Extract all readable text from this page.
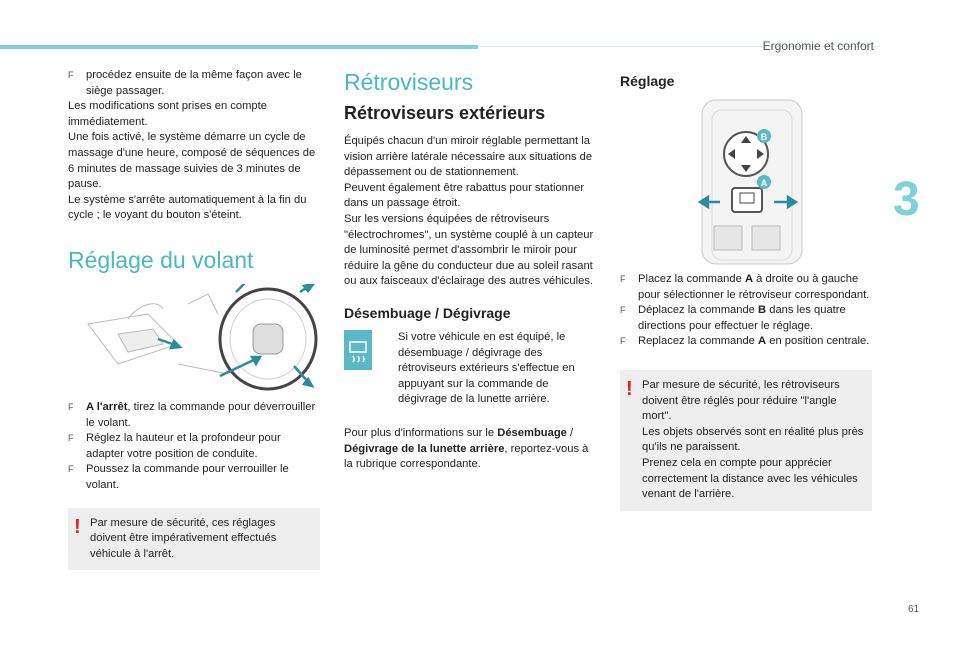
Ergonomie et confort
3
61
F procédez ensuite de la même façon avec le siège passager.

Les modifications sont prises en compte immédiatement.

Une fois activé, le système démarre un cycle de massage d'une heure, composé de séquences de 6 minutes de massage suivies de 3 minutes de pause.

Le système s'arrête automatiquement à la fin du cycle ; le voyant du bouton s'éteint.

Réglage du volant
F A l'arrêt, tirez la commande pour déverrouiller le volant.
F Réglez la hauteur et la profondeur pour adapter votre position de conduite.
F Poussez la commande pour verrouiller le volant.
! Par mesure de sécurité, ces réglages doivent être impérativement effectués véhicule à l'arrêt.
Rétroviseurs
Rétroviseurs extérieurs

Équipés chacun d'un miroir réglable permettant la vision arrière latérale nécessaire aux situations de dépassement ou de stationnement.

Peuvent également être rabattus pour stationner dans un passage étroit.

Sur les versions équipées de rétroviseurs "électrochromes", un système couplé à un capteur de luminosité permet d'assombrir le miroir pour réduire la gêne du conducteur due au soleil rasant ou aux faisceaux d'éclairage des autres véhicules.

Désembuage / Dégivrage

Si votre véhicule en est équipé, le désembuage / dégivrage des rétroviseurs extérieurs s'effectue en appuyant sur la commande de dégivrage de la lunette arrière.

Pour plus d'informations sur le Désembuage / Dégivrage de la lunette arrière, reportez-vous à la rubrique correspondante.

Réglage
B
A
F Placez la commande A à droite ou à gauche pour sélectionner le rétroviseur correspondant.
F Déplacez la commande B dans les quatre directions pour effectuer le réglage.
F Replacez la commande A en position centrale.
! Par mesure de sécurité, les rétroviseurs doivent être réglés pour réduire "l'angle mort".

Les objets observés sont en réalité plus près qu'ils ne paraissent.

Prenez cela en compte pour apprécier correctement la distance avec les véhicules venant de l'arrière.
